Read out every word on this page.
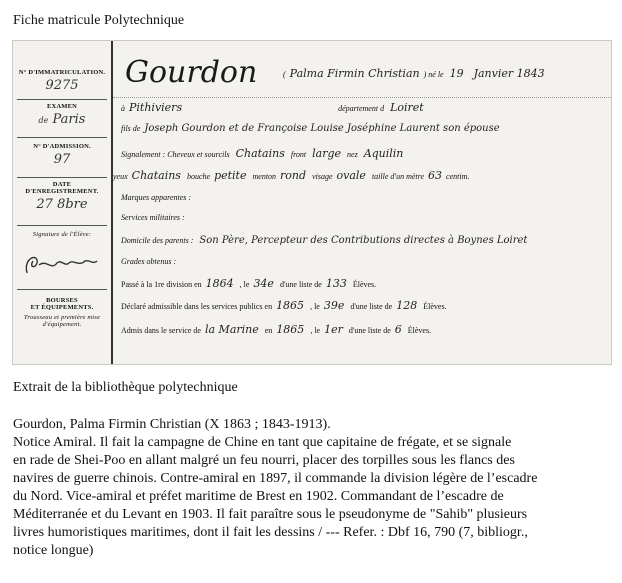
Fiche matricule Polytechnique
N° D'IMMATRICULATION.
9275
EXAMEN
de Paris
N° D'ADMISSION.
97
DATE
D'ENREGISTREMENT.
27 8bre
Signature de l'Élève:
BOURSES
ET ÉQUIPEMENTS.

Trousseau et première mise d'équipement.
Gourdon	( Palma Firmin Christian ) né le 19 Janvier 1843
à Pithiviers	département d Loiret
fils de Joseph Gourdon et de Françoise Louise Joséphine Laurent son épouse
Signalement : Cheveux et sourcils Chatains front large nez Aquilin
yeux Chatains bouche petite menton rond visage ovale taille d'un mètre 63 centim.
Marques apparentes :
Services militaires :
Domicile des parents : Son Père, Percepteur des Contributions directes à Boynes Loiret
Grades obtenus :
Passé à la 1re division en 1864 , le 34e d'une liste de 133 Élèves.
Déclaré admissible dans les services publics en 1865 , le 39e d'une liste de 128 Élèves.
Admis dans le service de la Marine en 1865 , le 1er d'une liste de 6 Élèves.
Extrait de la bibliothèque polytechnique
Gourdon, Palma Firmin Christian (X 1863 ; 1843-1913).
Notice Amiral. Il fait la campagne de Chine en tant que capitaine de frégate, et se signale
en rade de Shei-Poo en allant malgré un feu nourri, placer des torpilles sous les flancs des
navires de guerre chinois. Contre-amiral en 1897, il commande la division légère de l’escadre
du Nord. Vice-amiral et préfet maritime de Brest en 1902. Commandant de l’escadre de
Méditerranée et du Levant en 1903. Il fait paraître sous le pseudonyme de "Sahib" plusieurs
livres humoristiques maritimes, dont il fait les dessins / --- Refer. : Dbf 16, 790 (7, bibliogr.,
notice longue)
